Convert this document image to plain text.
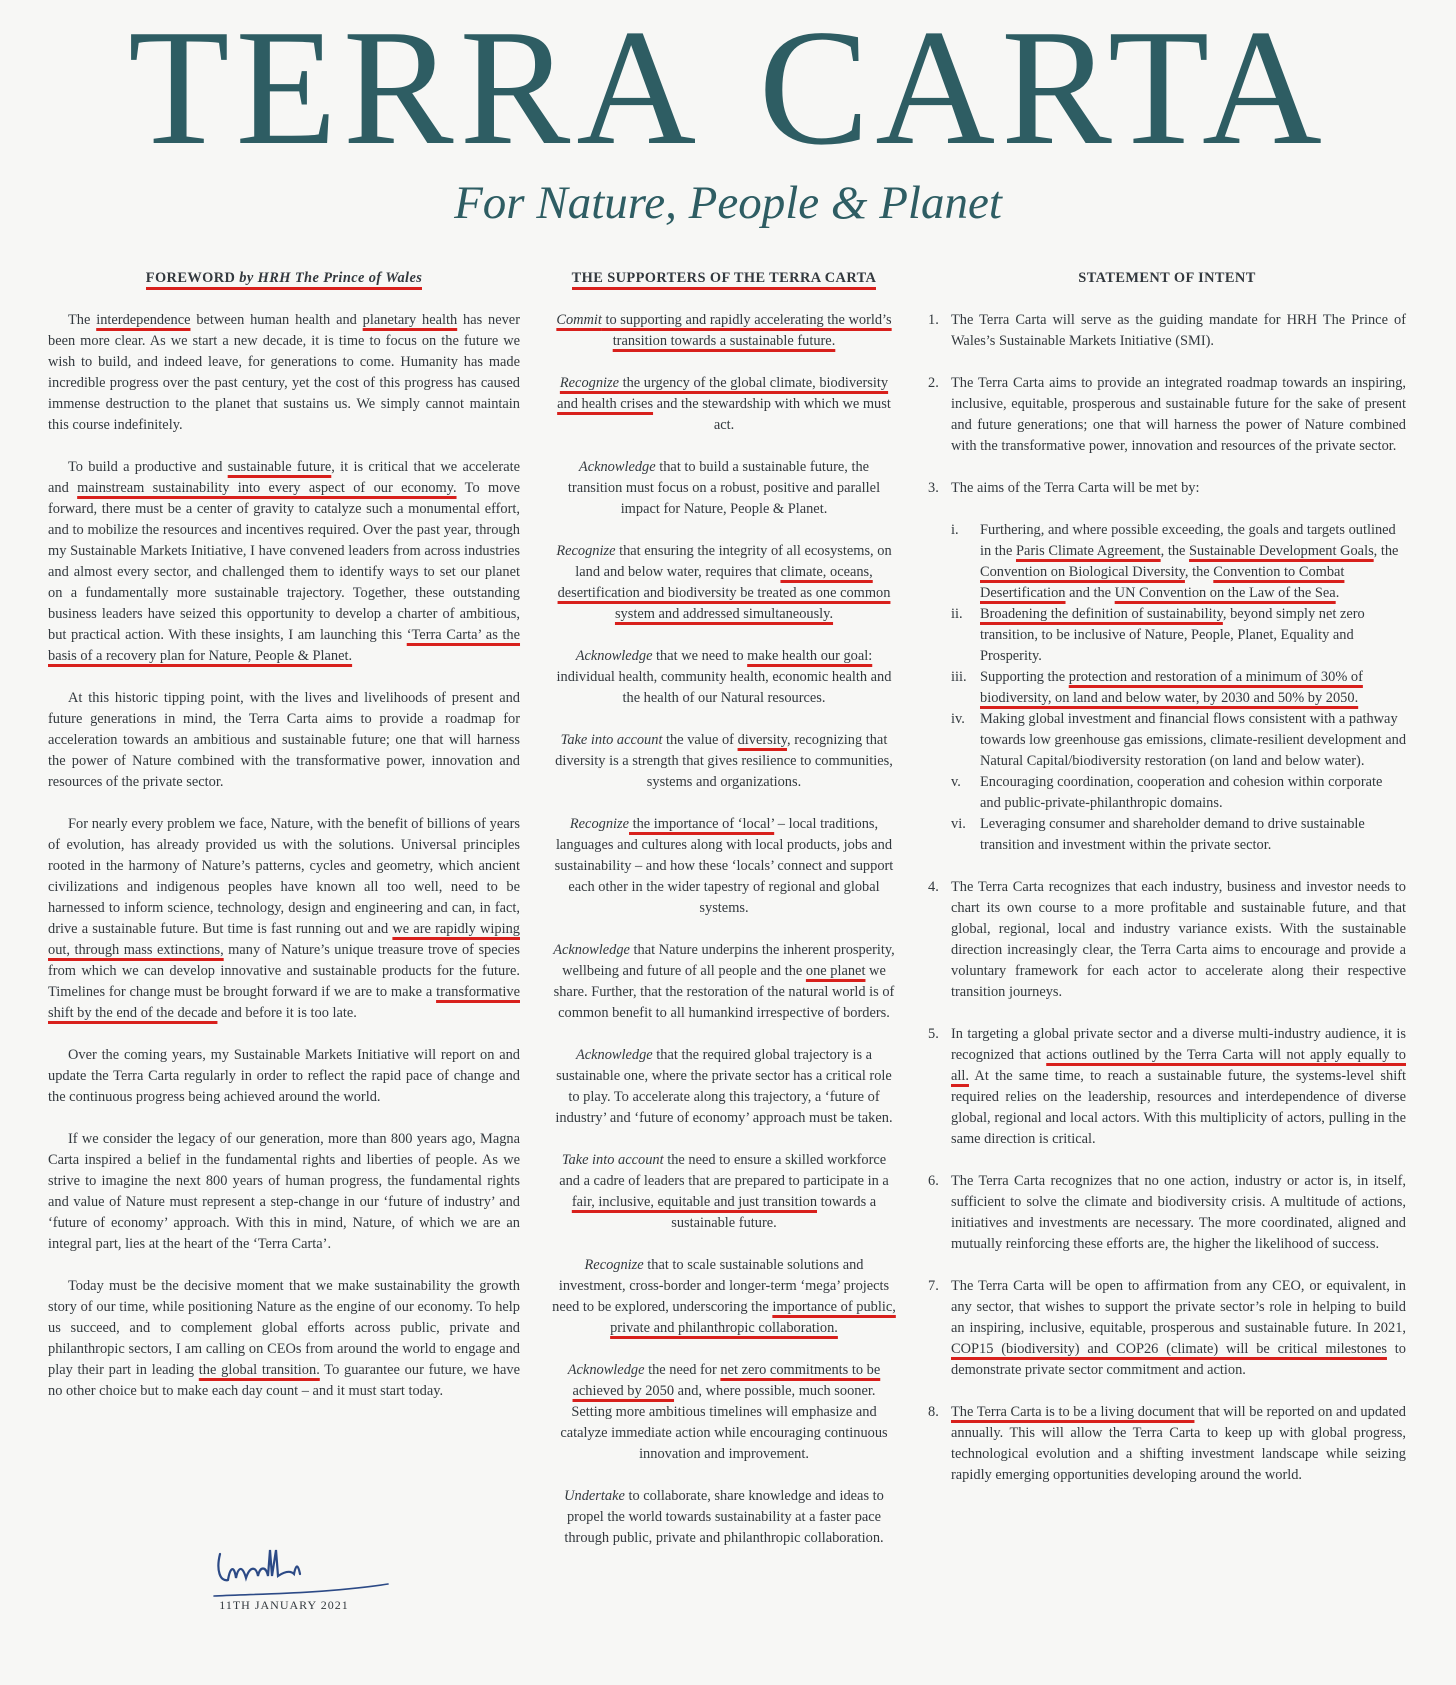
TERRA CARTA
For Nature, People & Planet
FOREWORD by HRH The Prince of Wales

The interdependence between human health and planetary health has never been more clear. As we start a new decade, it is time to focus on the future we wish to build, and indeed leave, for generations to come. Humanity has made incredible progress over the past century, yet the cost of this progress has caused immense destruction to the planet that sustains us. We simply cannot maintain this course indefinitely.

To build a productive and sustainable future, it is critical that we accelerate and mainstream sustainability into every aspect of our economy. To move forward, there must be a center of gravity to catalyze such a monumental effort, and to mobilize the resources and incentives required. Over the past year, through my Sustainable Markets Initiative, I have convened leaders from across industries and almost every sector, and challenged them to identify ways to set our planet on a fundamentally more sustainable trajectory. Together, these outstanding business leaders have seized this opportunity to develop a charter of ambitious, but practical action. With these insights, I am launching this ‘Terra Carta’ as the basis of a recovery plan for Nature, People & Planet.

At this historic tipping point, with the lives and livelihoods of present and future generations in mind, the Terra Carta aims to provide a roadmap for acceleration towards an ambitious and sustainable future; one that will harness the power of Nature combined with the transformative power, innovation and resources of the private sector.

For nearly every problem we face, Nature, with the benefit of billions of years of evolution, has already provided us with the solutions. Universal principles rooted in the harmony of Nature’s patterns, cycles and geometry, which ancient civilizations and indigenous peoples have known all too well, need to be harnessed to inform science, technology, design and engineering and can, in fact, drive a sustainable future. But time is fast running out and we are rapidly wiping out, through mass extinctions, many of Nature’s unique treasure trove of species from which we can develop innovative and sustainable products for the future. Timelines for change must be brought forward if we are to make a transformative shift by the end of the decade and before it is too late.

Over the coming years, my Sustainable Markets Initiative will report on and update the Terra Carta regularly in order to reflect the rapid pace of change and the continuous progress being achieved around the world.

If we consider the legacy of our generation, more than 800 years ago, Magna Carta inspired a belief in the fundamental rights and liberties of people. As we strive to imagine the next 800 years of human progress, the fundamental rights and value of Nature must represent a step-change in our ‘future of industry’ and ‘future of economy’ approach. With this in mind, Nature, of which we are an integral part, lies at the heart of the ‘Terra Carta’.

Today must be the decisive moment that we make sustainability the growth story of our time, while positioning Nature as the engine of our economy. To help us succeed, and to complement global efforts across public, private and philanthropic sectors, I am calling on CEOs from around the world to engage and play their part in leading the global transition. To guarantee our future, we have no other choice but to make each day count – and it must start today.

11TH JANUARY 2021
THE SUPPORTERS OF THE TERRA CARTA

Commit to supporting and rapidly accelerating the world’s transition towards a sustainable future.

Recognize the urgency of the global climate, biodiversity and health crises and the stewardship with which we must act.

Acknowledge that to build a sustainable future, the transition must focus on a robust, positive and parallel impact for Nature, People & Planet.

Recognize that ensuring the integrity of all ecosystems, on land and below water, requires that climate, oceans, desertification and biodiversity be treated as one common system and addressed simultaneously.

Acknowledge that we need to make health our goal: individual health, community health, economic health and the health of our Natural resources.

Take into account the value of diversity, recognizing that diversity is a strength that gives resilience to communities, systems and organizations.

Recognize the importance of ‘local’ – local traditions, languages and cultures along with local products, jobs and sustainability – and how these ‘locals’ connect and support each other in the wider tapestry of regional and global systems.

Acknowledge that Nature underpins the inherent prosperity, wellbeing and future of all people and the one planet we share. Further, that the restoration of the natural world is of common benefit to all humankind irrespective of borders.

Acknowledge that the required global trajectory is a sustainable one, where the private sector has a critical role to play. To accelerate along this trajectory, a ‘future of industry’ and ‘future of economy’ approach must be taken.

Take into account the need to ensure a skilled workforce and a cadre of leaders that are prepared to participate in a fair, inclusive, equitable and just transition towards a sustainable future.

Recognize that to scale sustainable solutions and investment, cross-border and longer-term ‘mega’ projects need to be explored, underscoring the importance of public, private and philanthropic collaboration.

Acknowledge the need for net zero commitments to be achieved by 2050 and, where possible, much sooner. Setting more ambitious timelines will emphasize and catalyze immediate action while encouraging continuous innovation and improvement.

Undertake to collaborate, share knowledge and ideas to propel the world towards sustainability at a faster pace through public, private and philanthropic collaboration.

STATEMENT OF INTENT
1. The Terra Carta will serve as the guiding mandate for HRH The Prince of Wales’s Sustainable Markets Initiative (SMI).
2. The Terra Carta aims to provide an integrated roadmap towards an inspiring, inclusive, equitable, prosperous and sustainable future for the sake of present and future generations; one that will harness the power of Nature combined with the transformative power, innovation and resources of the private sector.
3. The aims of the Terra Carta will be met by:
i. Furthering, and where possible exceeding, the goals and targets outlined in the Paris Climate Agreement, the Sustainable Development Goals, the Convention on Biological Diversity, the Convention to Combat Desertification and the UN Convention on the Law of the Sea.
ii. Broadening the definition of sustainability, beyond simply net zero transition, to be inclusive of Nature, People, Planet, Equality and Prosperity.
iii. Supporting the protection and restoration of a minimum of 30% of biodiversity, on land and below water, by 2030 and 50% by 2050.
iv. Making global investment and financial flows consistent with a pathway towards low greenhouse gas emissions, climate-resilient development and Natural Capital/biodiversity restoration (on land and below water).
v. Encouraging coordination, cooperation and cohesion within corporate and public-private-philanthropic domains.
vi. Leveraging consumer and shareholder demand to drive sustainable transition and investment within the private sector.
4. The Terra Carta recognizes that each industry, business and investor needs to chart its own course to a more profitable and sustainable future, and that global, regional, local and industry variance exists. With the sustainable direction increasingly clear, the Terra Carta aims to encourage and provide a voluntary framework for each actor to accelerate along their respective transition journeys.
5. In targeting a global private sector and a diverse multi-industry audience, it is recognized that actions outlined by the Terra Carta will not apply equally to all. At the same time, to reach a sustainable future, the systems-level shift required relies on the leadership, resources and interdependence of diverse global, regional and local actors. With this multiplicity of actors, pulling in the same direction is critical.
6. The Terra Carta recognizes that no one action, industry or actor is, in itself, sufficient to solve the climate and biodiversity crisis. A multitude of actions, initiatives and investments are necessary. The more coordinated, aligned and mutually reinforcing these efforts are, the higher the likelihood of success.
7. The Terra Carta will be open to affirmation from any CEO, or equivalent, in any sector, that wishes to support the private sector’s role in helping to build an inspiring, inclusive, equitable, prosperous and sustainable future. In 2021, COP15 (biodiversity) and COP26 (climate) will be critical milestones to demonstrate private sector commitment and action.
8. The Terra Carta is to be a living document that will be reported on and updated annually. This will allow the Terra Carta to keep up with global progress, technological evolution and a shifting investment landscape while seizing rapidly emerging opportunities developing around the world.
